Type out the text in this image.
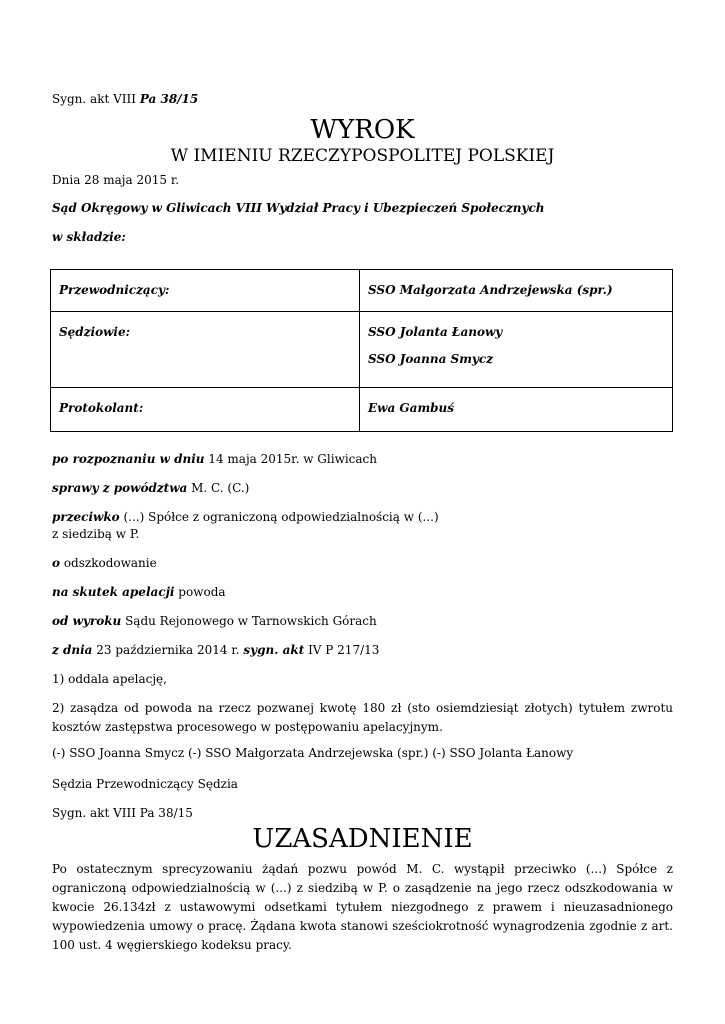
Sygn. akt VIII Pa 38/15
WYROK
W IMIENIU RZECZYPOSPOLITEJ POLSKIEJ
Dnia 28 maja 2015 r.
Sąd Okręgowy w Gliwicach VIII Wydział Pracy i Ubezpieczeń Społecznych
w składzie:
Przewodniczący:	SSO Małgorzata Andrzejewska (spr.)
Sędziowie:	SSO Jolanta Łanowy
SSO Joanna Smycz

Protokolant:	Ewa Gambuś
po rozpoznaniu w dniu 14 maja 2015r. w Gliwicach
sprawy z powództwa M. C. (C.)
przeciwko (...) Spółce z ograniczoną odpowiedzialnością w (...)
z siedzibą w P.
o odszkodowanie
na skutek apelacji powoda
od wyroku Sądu Rejonowego w Tarnowskich Górach
z dnia 23 października 2014 r. sygn. akt IV P 217/13
1) oddala apelację,
2) zasądza od powoda na rzecz pozwanej kwotę 180 zł (sto osiemdziesiąt złotych) tytułem zwrotu kosztów zastępstwa procesowego w postępowaniu apelacyjnym.
(-) SSO Joanna Smycz (-) SSO Małgorzata Andrzejewska (spr.) (-) SSO Jolanta Łanowy
Sędzia Przewodniczący Sędzia
Sygn. akt VIII Pa 38/15
UZASADNIENIE
Po ostatecznym sprecyzowaniu żądań pozwu powód M. C. wystąpił przeciwko (...) Spółce z ograniczoną odpowiedzialnością w (...) z siedzibą w P. o zasądzenie na jego rzecz odszkodowania w kwocie 26.134zł z ustawowymi odsetkami tytułem niezgodnego z prawem i nieuzasadnionego wypowiedzenia umowy o pracę. Żądana kwota stanowi sześciokrotność wynagrodzenia zgodnie z art. 100 ust. 4 węgierskiego kodeksu pracy.
